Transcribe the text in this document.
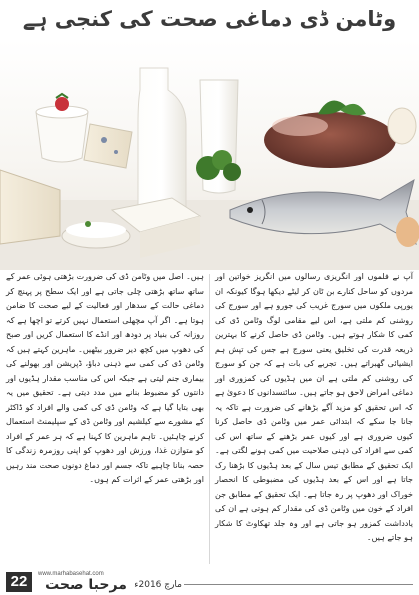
وٹامن ڈی دماغی صحت کی کنجی ہے

آپ نے فلموں اور انگریزی رسالوں میں انگریز خواتین اور مردوں کو ساحل کنارے بن ٹان کر لیٹے دیکھا ہوگا کیونکہ ان یورپی ملکوں میں سورج غریب کی جورو ہے اور سورج کی روشنی کم ملتی ہے، اس لیے مقامی لوگ وٹامن ڈی کی کمی کا شکار ہوتے ہیں۔ وٹامن ڈی حاصل کرنے کا بہترین ذریعہ قدرت کی تخلیق یعنی سورج ہے جس کی تپش ہم ایشیائی گھبراتے ہیں۔ تجربے کی بات ہے کہ جن کو سورج کی روشنی کم ملتی ہے ان میں ہڈیوں کی کمزوری اور دماغی امراض لاحق ہو جاتے ہیں۔ سائنسدانوں کا دعویٰ ہے کہ اس تحقیق کو مزید آگے بڑھانے کی ضرورت ہے تاکہ یہ جانا جا سکے کہ ابتدائی عمر میں وٹامن ڈی حاصل کرنا کیوں ضروری ہے اور کیوں عمر بڑھنے کے ساتھ اس کی کمی سے افراد کی ذہنی صلاحیت میں کمی ہونے لگتی ہے۔ ایک تحقیق کے مطابق تیس سال کے بعد ہڈیوں کا بڑھنا رک جاتا ہے اور اس کے بعد ہڈیوں کی مضبوطی کا انحصار خوراک اور دھوپ پر رہ جاتا ہے۔ ایک تحقیق کے مطابق جن افراد کے خون میں وٹامن ڈی کی مقدار کم ہوتی ہے ان کی یادداشت کمزور ہو جاتی ہے اور وہ جلد تھکاوٹ کا شکار ہو جاتے ہیں۔

ہیں۔ اصل میں وٹامن ڈی کی ضرورت بڑھتی ہوئی عمر کے ساتھ ساتھ بڑھتی چلی جاتی ہے اور ایک سطح پر پہنچ کر دماغی حالت کے سدھار اور فعالیت کے لیے صحت کا ضامن ہوتا ہے۔ اگر آپ مچھلی استعمال نہیں کرتے تو اچھا ہے کہ روزانہ کی بنیاد پر دودھ اور انڈے کا استعمال کریں اور صبح کی دھوپ میں کچھ دیر ضرور بیٹھیں۔ ماہرین کہتے ہیں کہ وٹامن ڈی کی کمی سے ذہنی دباؤ، ڈپریشن اور بھولنے کی بیماری جنم لیتی ہے جبکہ اس کی مناسب مقدار ہڈیوں اور دانتوں کو مضبوط بنانے میں مدد دیتی ہے۔ تحقیق میں یہ بھی بتایا گیا ہے کہ وٹامن ڈی کی کمی والے افراد کو ڈاکٹر کے مشورے سے کیلشیم اور وٹامن ڈی کے سپلیمنٹ استعمال کرنے چاہئیں۔ تاہم ماہرین کا کہنا ہے کہ ہر عمر کے افراد کو متوازن غذا، ورزش اور دھوپ کو اپنی روزمرہ زندگی کا حصہ بنانا چاہیے تاکہ جسم اور دماغ دونوں صحت مند رہیں اور بڑھتی عمر کے اثرات کم ہوں۔

22	www.marhabasehat.com
مرحبا صحت مارچ 2016ء
